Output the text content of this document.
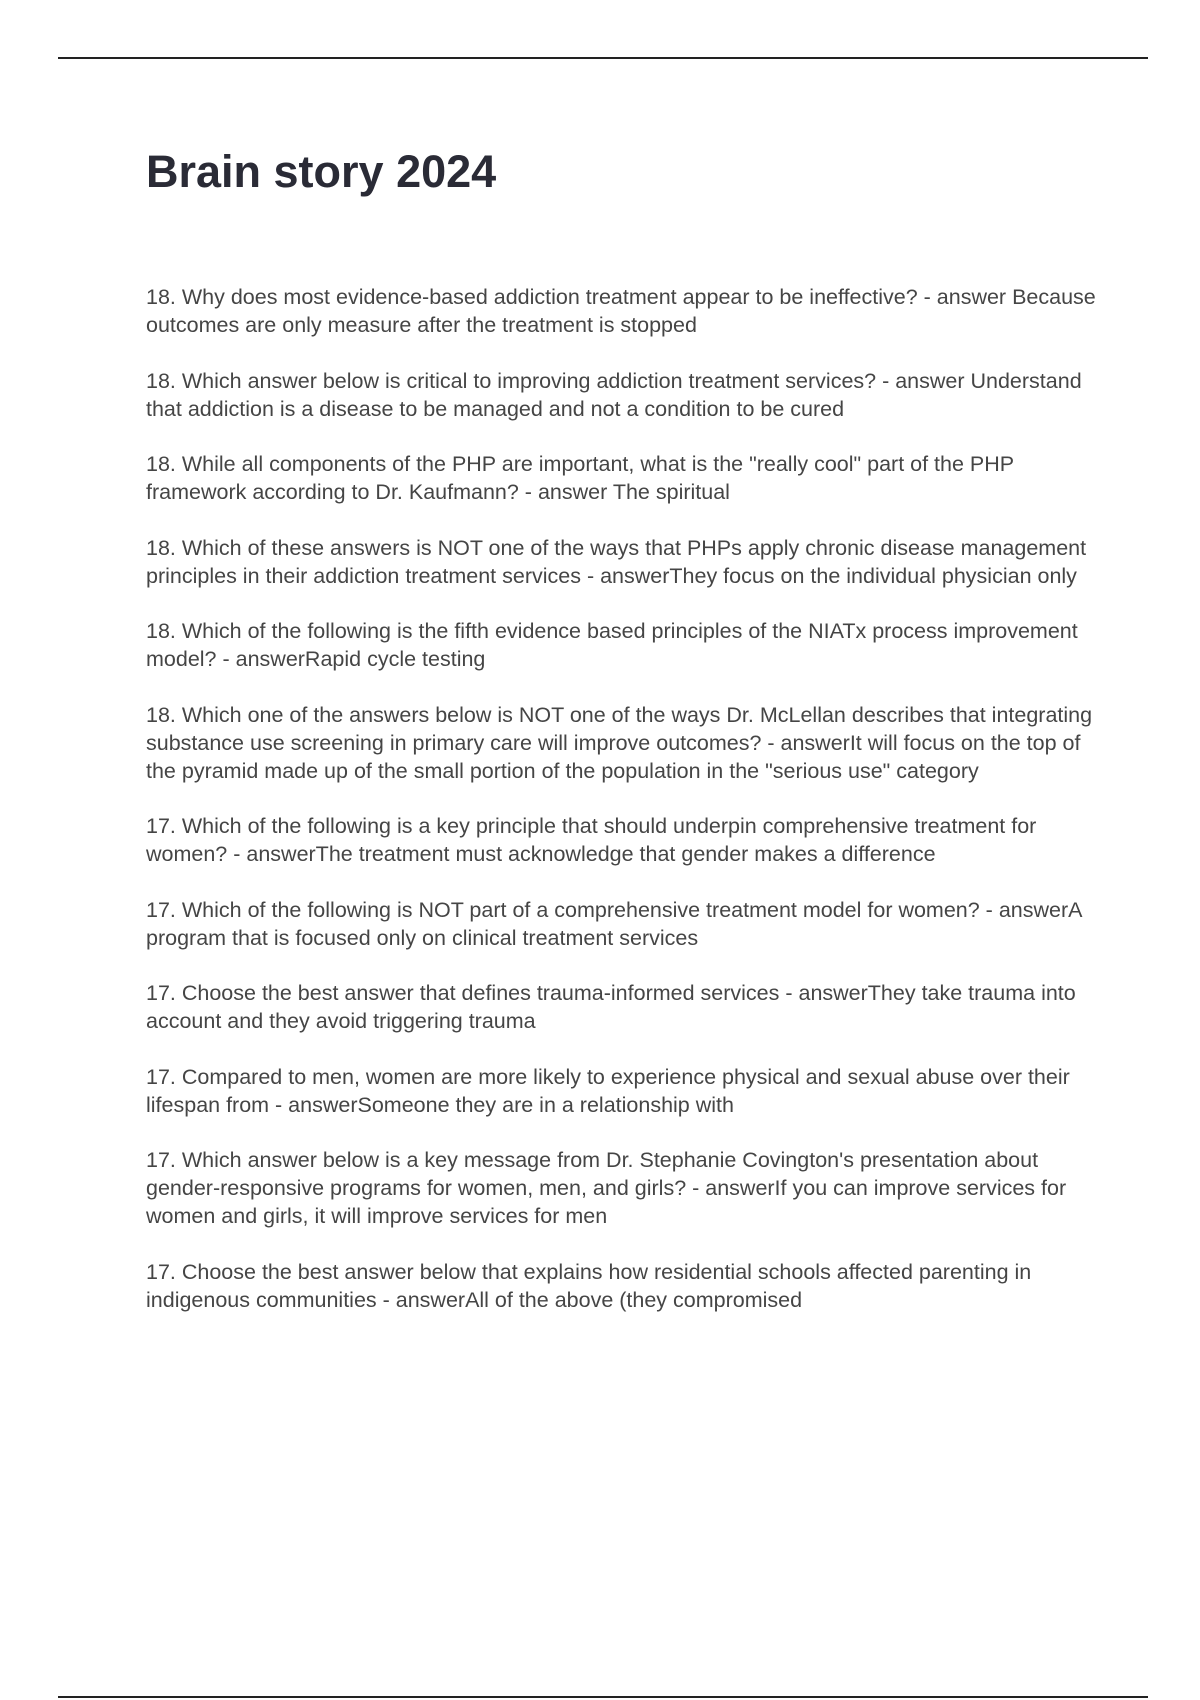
Brain story 2024

18. Why does most evidence-based addiction treatment appear to be ineffective? - answer Because outcomes are only measure after the treatment is stopped

18. Which answer below is critical to improving addiction treatment services? - answer Understand that addiction is a disease to be managed and not a condition to be cured

18. While all components of the PHP are important, what is the "really cool" part of the PHP framework according to Dr. Kaufmann? - answer The spiritual

18. Which of these answers is NOT one of the ways that PHPs apply chronic disease management principles in their addiction treatment services - answerThey focus on the individual physician only

18. Which of the following is the fifth evidence based principles of the NIATx process improvement model? - answerRapid cycle testing

18. Which one of the answers below is NOT one of the ways Dr. McLellan describes that integrating substance use screening in primary care will improve outcomes? - answerIt will focus on the top of the pyramid made up of the small portion of the population in the "serious use" category

17. Which of the following is a key principle that should underpin comprehensive treatment for women? - answerThe treatment must acknowledge that gender makes a difference

17. Which of the following is NOT part of a comprehensive treatment model for women? - answerA program that is focused only on clinical treatment services

17. Choose the best answer that defines trauma-informed services - answerThey take trauma into account and they avoid triggering trauma

17. Compared to men, women are more likely to experience physical and sexual abuse over their lifespan from - answerSomeone they are in a relationship with

17. Which answer below is a key message from Dr. Stephanie Covington's presentation about gender-responsive programs for women, men, and girls? - answerIf you can improve services for women and girls, it will improve services for men

17. Choose the best answer below that explains how residential schools affected parenting in indigenous communities - answerAll of the above (they compromised
